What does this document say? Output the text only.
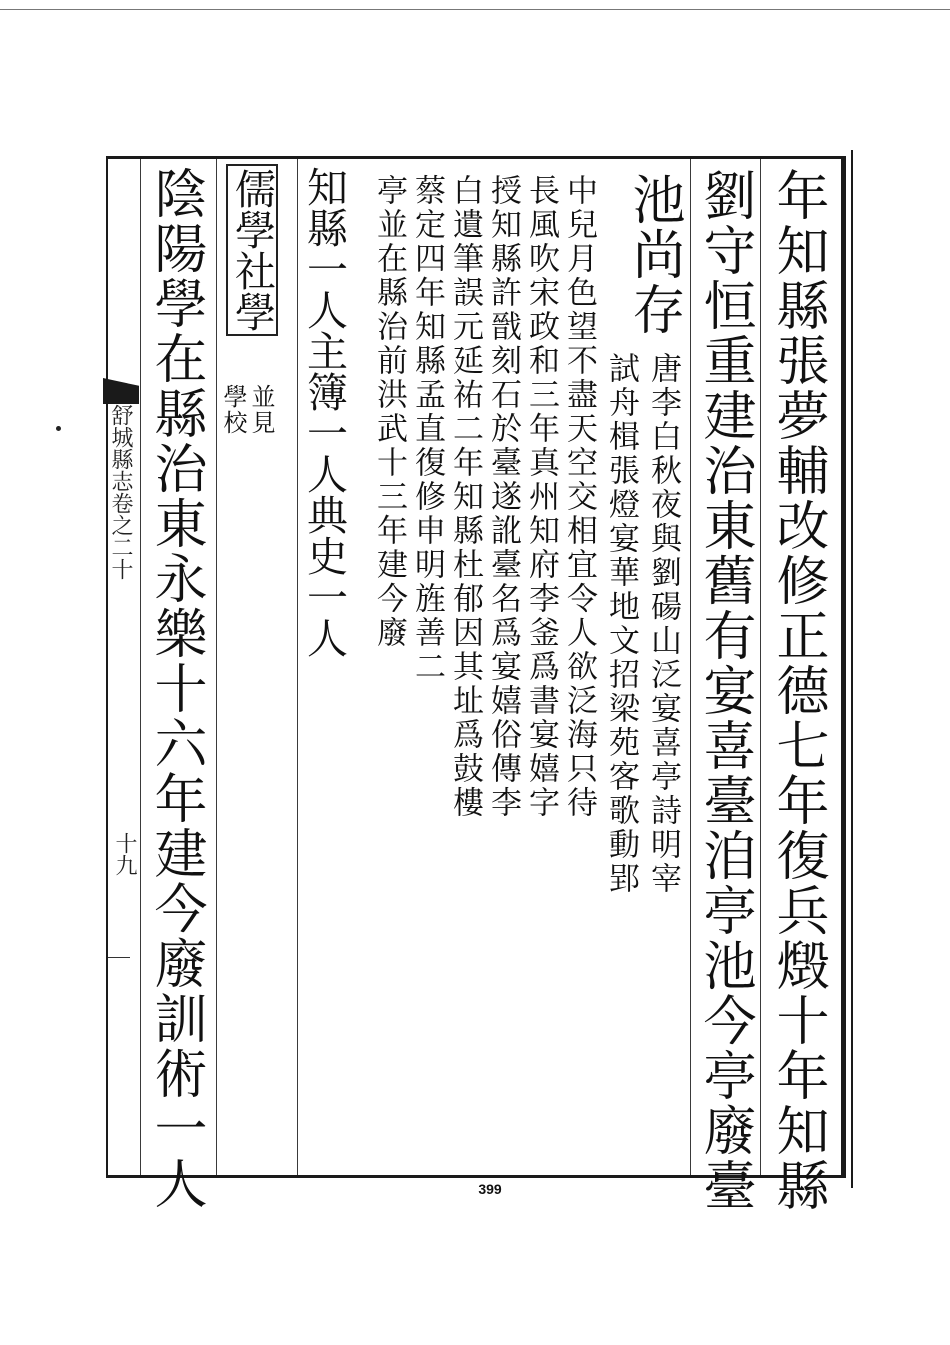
舒城縣志卷之二十
十九	年知縣張夢輔改修正德七年復兵燬十年知縣
劉守恒重建治東舊有宴喜臺洎亭池今亭廢臺
池尚存
唐李白秋夜與劉碭山泛宴喜亭詩明宰
試舟楫張燈宴華地文招梁苑客歌動郢
中兒月色望不盡天空交相宜令人欲泛海只待
長風吹宋政和三年真州知府李釜爲書宴嬉字
授知縣許戩刻石於臺遂訛臺名爲宴嬉俗傳李
白遺筆誤元延祐二年知縣杜郁因其址爲鼓樓
蔡定四年知縣孟直復修申明旌善二
亭並在縣治前洪武十三年建今廢
知縣一人主簿一人典史一人
儒學社學
並見
學校
陰陽學在縣治東永樂十六年建今廢訓術一人	399
